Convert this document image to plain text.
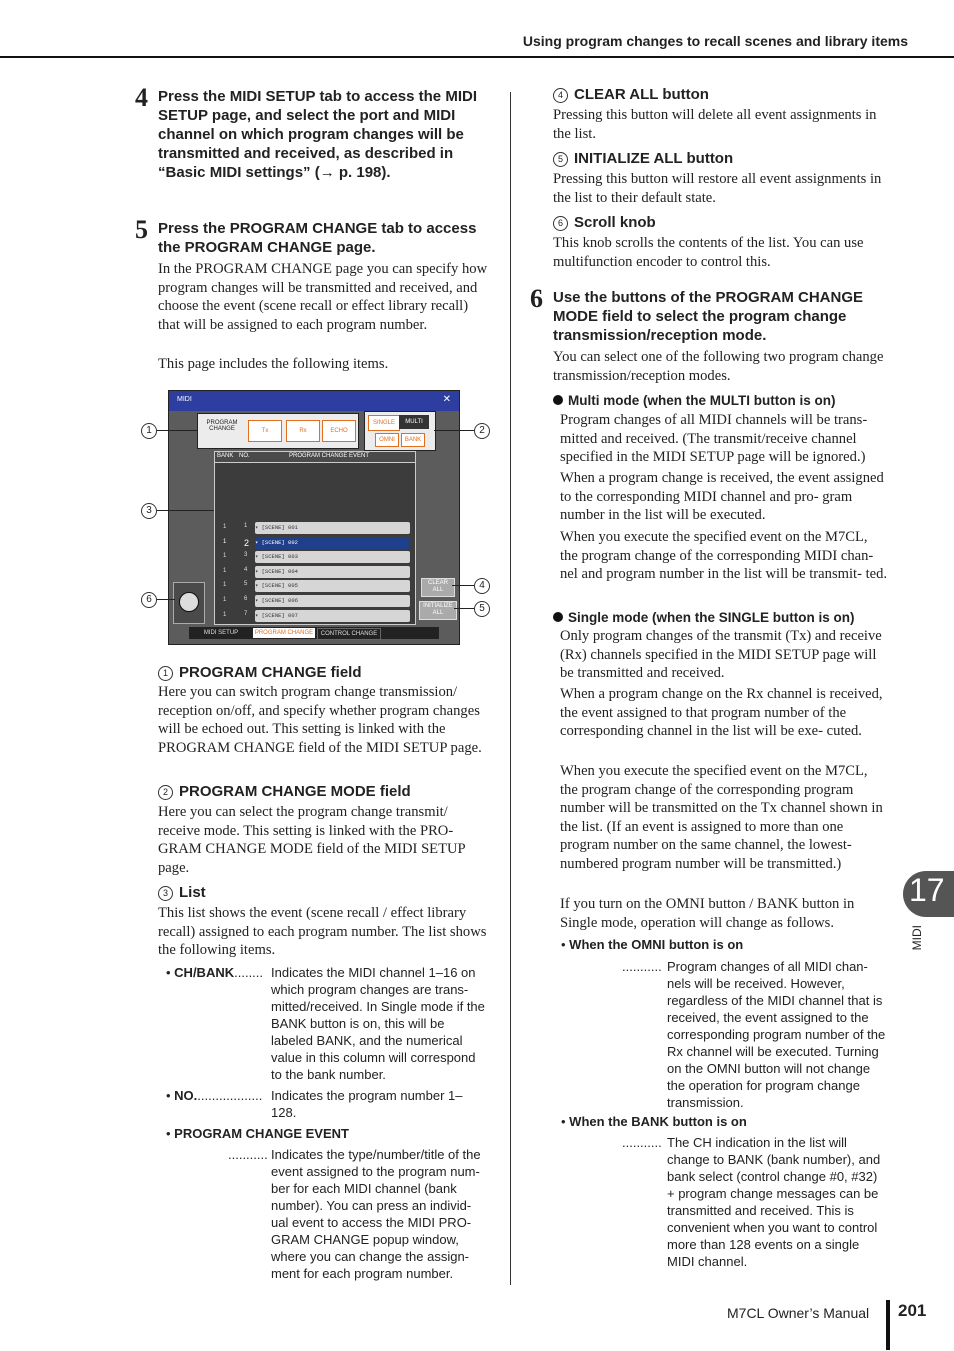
Using program changes to recall scenes and library items
4 Press the MIDI SETUP tab to access the MIDI SETUP page, and select the port and MIDI channel on which program changes will be transmitted and received, as described in “Basic MIDI settings” (→ p. 198).
5 Press the PROGRAM CHANGE tab to access the PROGRAM CHANGE page.
In the PROGRAM CHANGE page you can specify how program changes will be transmitted and received, and choose the event (scene recall or effect library recall) that will be assigned to each program number.
This page includes the following items.
MIDI	✕
PROGRAM
CHANGE	Tx	Rx	ECHO
SINGLE	MULTI
OMNI	BANK
BANK NO.	PROGRAM CHANGE EVENT
1	1 ▾ [SCENE] 001
1 2 ▾ [SCENE] 002
1	3 ▾ [SCENE] 003
1	4 ▾ [SCENE] 004
1	5 ▾ [SCENE] 005
1	6 ▾ [SCENE] 006
1	7 ▾ [SCENE] 007
CLEAR ALL
INITIALIZE ALL
MIDI SETUP	PROGRAM CHANGE	CONTROL CHANGE
1	2
3
6
4
5
1 PROGRAM CHANGE field
Here you can switch program change transmission/ reception on/off, and specify whether program changes will be echoed out. This setting is linked with the PROGRAM CHANGE field of the MIDI SETUP page.
2 PROGRAM CHANGE MODE field
Here you can select the program change transmit/ receive mode. This setting is linked with the PRO- GRAM CHANGE MODE field of the MIDI SETUP page.
3 List
This list shows the event (scene recall / effect library recall) assigned to each program number. The list shows the following items.
• CH/BANK........ Indicates the MIDI channel 1–16 on which program changes are trans- mitted/received. In Single mode if the BANK button is on, this will be labeled BANK, and the numerical value in this column will correspond to the bank number.
• NO................... Indicates the program number 1– 128.
• PROGRAM CHANGE EVENT
........... Indicates the type/number/title of the event assigned to the program num- ber for each MIDI channel (bank number). You can press an individ- ual event to access the MIDI PRO- GRAM CHANGE popup window, where you can change the assign- ment for each program number.
4 CLEAR ALL button
Pressing this button will delete all event assignments in the list.
5 INITIALIZE ALL button
Pressing this button will restore all event assignments in the list to their default state.
6 Scroll knob
This knob scrolls the contents of the list. You can use multifunction encoder to control this.
6 Use the buttons of the PROGRAM CHANGE MODE field to select the program change transmission/reception mode.
You can select one of the following two program change transmission/reception modes.
Multi mode (when the MULTI button is on)
Program changes of all MIDI channels will be trans- mitted and received. (The transmit/receive channel specified in the MIDI SETUP page will be ignored.)
When a program change is received, the event assigned to the corresponding MIDI channel and pro- gram number in the list will be executed.
When you execute the specified event on the M7CL, the program change of the corresponding MIDI chan- nel and program number in the list will be transmit- ted.
Single mode (when the SINGLE button is on)
Only program changes of the transmit (Tx) and receive (Rx) channels specified in the MIDI SETUP page will be transmitted and received.
When a program change on the Rx channel is received, the event assigned to that program number of the corresponding channel in the list will be exe- cuted.
When you execute the specified event on the M7CL, the program change of the corresponding program number will be transmitted on the Tx channel shown in the list. (If an event is assigned to more than one program number on the same channel, the lowest- numbered program number will be transmitted.)
If you turn on the OMNI button / BANK button in Single mode, operation will change as follows.
• When the OMNI button is on
........... Program changes of all MIDI chan- nels will be received. However, regardless of the MIDI channel that is received, the event assigned to the corresponding program number of the Rx channel will be executed. Turning on the OMNI button will not change the operation for program change transmission.
• When the BANK button is on
........... The CH indication in the list will change to BANK (bank number), and bank select (control change #0, #32) + program change messages can be transmitted and received. This is convenient when you want to control more than 128 events on a single MIDI channel.
17
MIDI
M7CL Owner’s Manual 201
